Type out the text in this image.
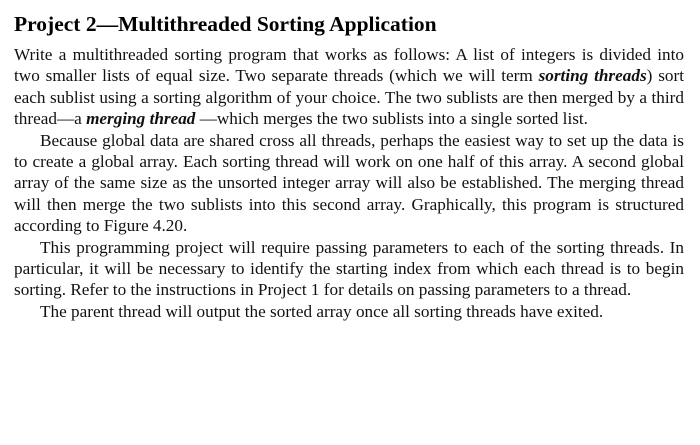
Project 2—Multithreaded Sorting Application

Write a multithreaded sorting program that works as follows: A list of integers is divided into two smaller lists of equal size. Two separate threads (which we will term sorting threads) sort each sublist using a sorting algorithm of your choice. The two sublists are then merged by a third thread—a merging thread —which merges the two sublists into a single sorted list.

Because global data are shared cross all threads, perhaps the easiest way to set up the data is to create a global array. Each sorting thread will work on one half of this array. A second global array of the same size as the unsorted integer array will also be established. The merging thread will then merge the two sublists into this second array. Graphically, this program is structured according to Figure 4.20.

This programming project will require passing parameters to each of the sorting threads. In particular, it will be necessary to identify the starting index from which each thread is to begin sorting. Refer to the instructions in Project 1 for details on passing parameters to a thread.

The parent thread will output the sorted array once all sorting threads have exited.
